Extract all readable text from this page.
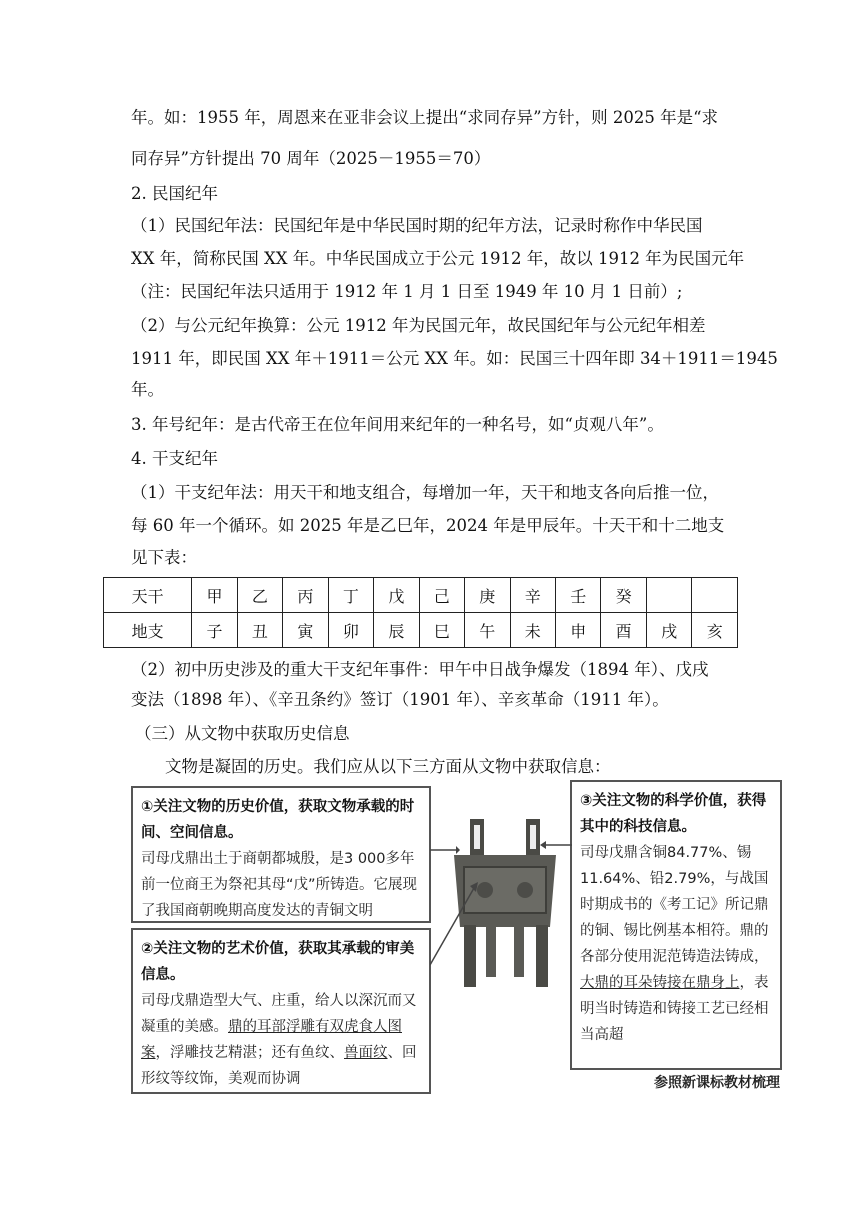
年。如：1955 年，周恩来在亚非会议上提出“求同存异”方针，则 2025 年是“求
同存异”方针提出 70 周年（2025－1955＝70）
2. 民国纪年
（1）民国纪年法：民国纪年是中华民国时期的纪年方法，记录时称作中华民国
XX 年，简称民国 XX 年。中华民国成立于公元 1912 年，故以 1912 年为民国元年
（注：民国纪年法只适用于 1912 年 1 月 1 日至 1949 年 10 月 1 日前）;
（2）与公元纪年换算：公元 1912 年为民国元年，故民国纪年与公元纪年相差
1911 年，即民国 XX 年＋1911＝公元 XX 年。如：民国三十四年即 34＋1911＝1945
年。
3. 年号纪年：是古代帝王在位年间用来纪年的一种名号，如“贞观八年”。
4. 干支纪年
（1）干支纪年法：用天干和地支组合，每增加一年，天干和地支各向后推一位，
每 60 年一个循环。如 2025 年是乙巳年，2024 年是甲辰年。十天干和十二地支
见下表：
天干	甲	乙	丙	丁	戊	己	庚	辛	壬	癸		
地支	子	丑	寅	卯	辰	巳	午	未	申	酉	戌	亥
（2）初中历史涉及的重大干支纪年事件：甲午中日战争爆发（1894 年）、戊戌
变法（1898 年）、《辛丑条约》签订（1901 年）、辛亥革命（1911 年）。
（三）从文物中获取历史信息
文物是凝固的历史。我们应从以下三方面从文物中获取信息：
①关注文物的历史价值，获取文物承载的时间、空间信息。
司母戊鼎出土于商朝都城殷，是3 000多年前一位商王为祭祀其母“戊”所铸造。它展现了我国商朝晚期高度发达的青铜文明
②关注文物的艺术价值，获取其承载的审美信息。
司母戊鼎造型大气、庄重，给人以深沉而又凝重的美感。鼎的耳部浮雕有双虎食人图案，浮雕技艺精湛；还有鱼纹、兽面纹、回形纹等纹饰，美观而协调
③关注文物的科学价值，获得其中的科技信息。
司母戊鼎含铜84.77%、锡11.64%、铅2.79%，与战国时期成书的《考工记》所记鼎的铜、锡比例基本相符。鼎的各部分使用泥范铸造法铸成，大鼎的耳朵铸接在鼎身上，表明当时铸造和铸接工艺已经相当高超
参照新课标教材梳理
